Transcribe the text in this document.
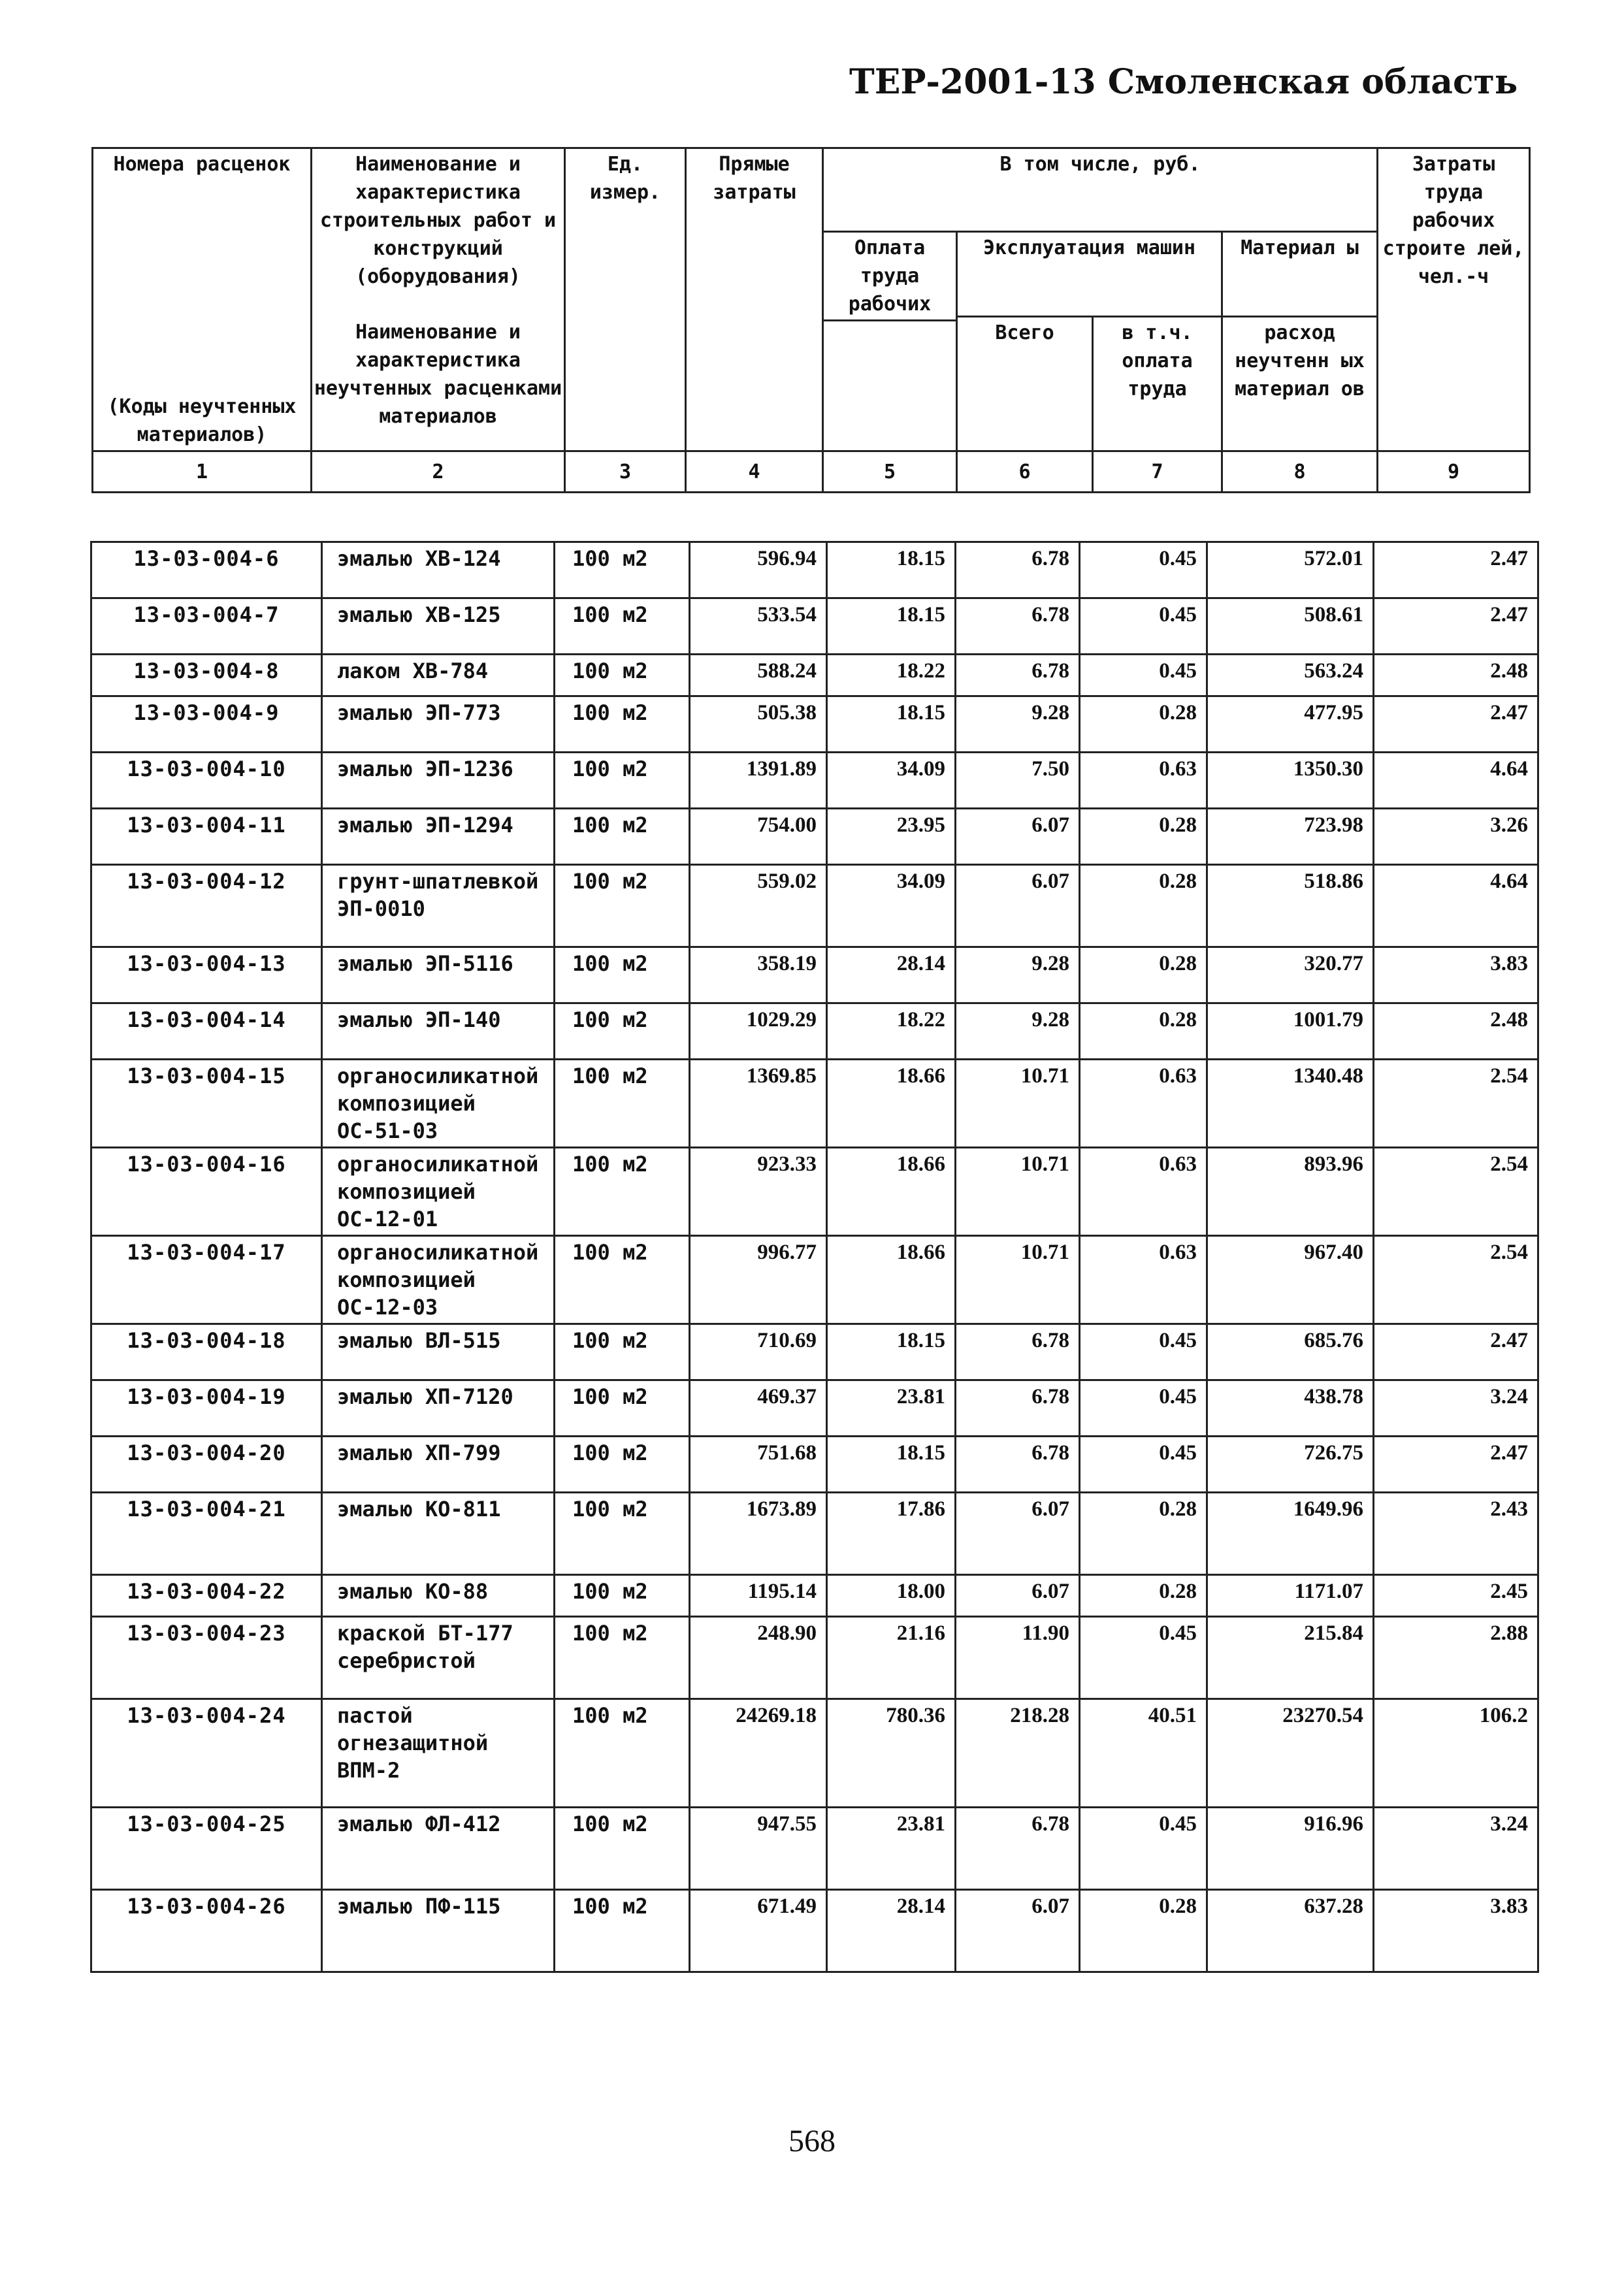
ТЕР-2001-13 Смоленская область
Номера расценок	Наименование и характеристика строительных работ и конструкций (оборудования)	Ед. измер.	Прямые затраты	В том числе, руб.				Затраты труда рабочих строите лей, чел.-ч
				Оплата труда рабочих	Эксплуатация машин		Материал ы	
(Коды неучтенных материалов)	Наименование и характеристика неучтенных расценками материалов				Всего	в т.ч. оплата труда	расход неучтенн ых материал ов	

1	2	3	4	5	6	7	8	9
13-03-004-6	эмалью ХВ-124	100 м2	596.94	18.15	6.78	0.45	572.01	2.47
13-03-004-7	эмалью ХВ-125	100 м2	533.54	18.15	6.78	0.45	508.61	2.47
13-03-004-8	лаком ХВ-784	100 м2	588.24	18.22	6.78	0.45	563.24	2.48
13-03-004-9	эмалью ЭП-773	100 м2	505.38	18.15	9.28	0.28	477.95	2.47
13-03-004-10	эмалью ЭП-1236	100 м2	1391.89	34.09	7.50	0.63	1350.30	4.64
13-03-004-11	эмалью ЭП-1294	100 м2	754.00	23.95	6.07	0.28	723.98	3.26
13-03-004-12	грунт-шпатлевкой ЭП-0010	100 м2	559.02	34.09	6.07	0.28	518.86	4.64
13-03-004-13	эмалью ЭП-5116	100 м2	358.19	28.14	9.28	0.28	320.77	3.83
13-03-004-14	эмалью ЭП-140	100 м2	1029.29	18.22	9.28	0.28	1001.79	2.48
13-03-004-15	органосиликатной композицией ОС-51-03	100 м2	1369.85	18.66	10.71	0.63	1340.48	2.54
13-03-004-16	органосиликатной композицией ОС-12-01	100 м2	923.33	18.66	10.71	0.63	893.96	2.54
13-03-004-17	органосиликатной композицией ОС-12-03	100 м2	996.77	18.66	10.71	0.63	967.40	2.54
13-03-004-18	эмалью ВЛ-515	100 м2	710.69	18.15	6.78	0.45	685.76	2.47
13-03-004-19	эмалью ХП-7120	100 м2	469.37	23.81	6.78	0.45	438.78	3.24
13-03-004-20	эмалью ХП-799	100 м2	751.68	18.15	6.78	0.45	726.75	2.47
13-03-004-21	эмалью КО-811	100 м2	1673.89	17.86	6.07	0.28	1649.96	2.43
13-03-004-22	эмалью КО-88	100 м2	1195.14	18.00	6.07	0.28	1171.07	2.45
13-03-004-23	краской БТ-177 серебристой	100 м2	248.90	21.16	11.90	0.45	215.84	2.88
13-03-004-24	пастой огнезащитной ВПМ-2	100 м2	24269.18	780.36	218.28	40.51	23270.54	106.2
13-03-004-25	эмалью ФЛ-412	100 м2	947.55	23.81	6.78	0.45	916.96	3.24
13-03-004-26	эмалью ПФ-115	100 м2	671.49	28.14	6.07	0.28	637.28	3.83
568
